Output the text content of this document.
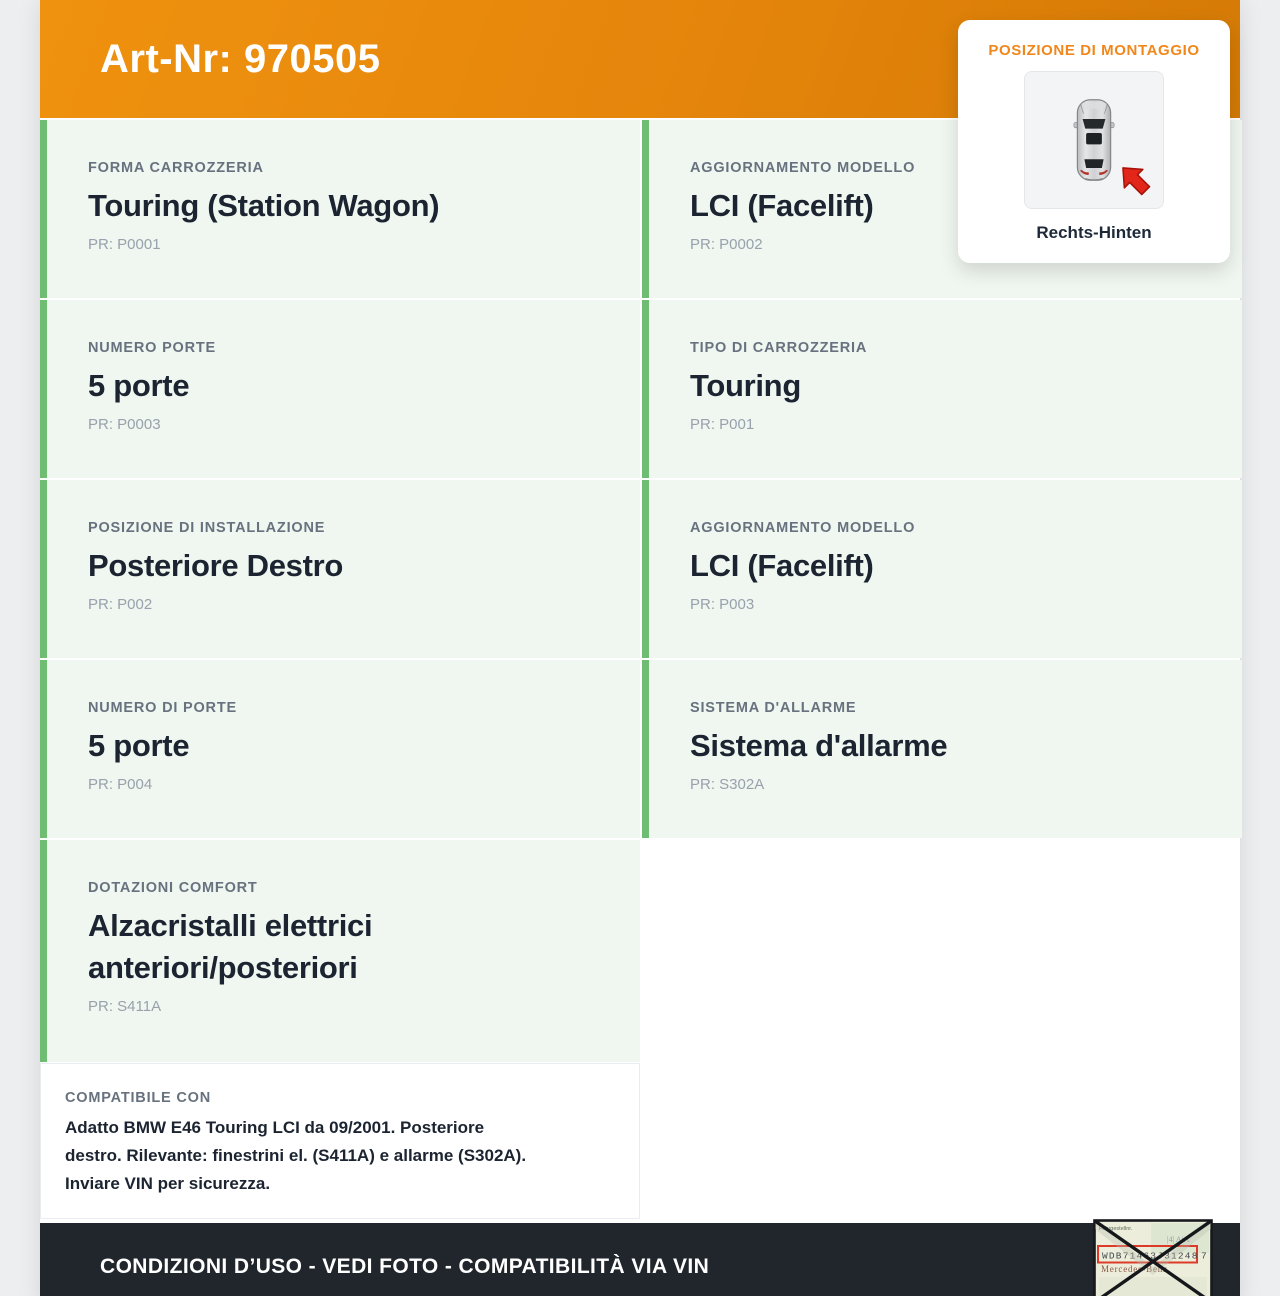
Art-Nr: 970505	POSIZIONE DI MONTAGGIO
Rechts-Hinten
FORMA CARROZZERIA
Touring (Station Wagon)
PR: P0001
AGGIORNAMENTO MODELLO
LCI (Facelift)
PR: P0002
NUMERO PORTE
5 porte
PR: P0003
TIPO DI CARROZZERIA
Touring
PR: P001
POSIZIONE DI INSTALLAZIONE
Posteriore Destro
PR: P002
AGGIORNAMENTO MODELLO
LCI (Facelift)
PR: P003
NUMERO DI PORTE
5 porte
PR: P004
SISTEMA D'ALLARME
Sistema d'allarme
PR: S302A
DOTAZIONI COMFORT
Alzacristalli elettrici anteriori/posteriori
PR: S411A
COMPATIBILE CON
Adatto BMW E46 Touring LCI da 09/2001. Posteriore
destro. Rilevante: finestrini el. (S411A) e allarme (S302A).
Inviare VIN per sicurezza.
CONDIZIONI D’USO - VEDI FOTO - COMPATIBILITÀ VIA VIN
Fahrgestellnr.
|4| AiA
WDB71463J31248 7
Mercedes-Benz
